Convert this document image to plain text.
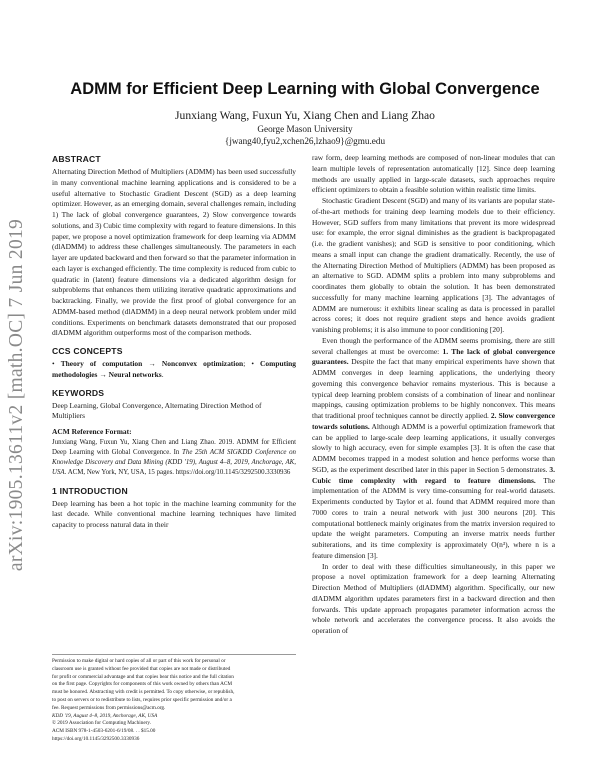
arXiv:1905.13611v2 [math.OC] 7 Jun 2019
ADMM for Efficient Deep Learning with Global Convergence
Junxiang Wang, Fuxun Yu, Xiang Chen and Liang Zhao
George Mason University
{jwang40,fyu2,xchen26,lzhao9}@gmu.edu
ABSTRACT

Alternating Direction Method of Multipliers (ADMM) has been used successfully in many conventional machine learning applications and is considered to be a useful alternative to Stochastic Gradient Descent (SGD) as a deep learning optimizer. However, as an emerging domain, several challenges remain, including 1) The lack of global convergence guarantees, 2) Slow convergence towards solutions, and 3) Cubic time complexity with regard to feature dimensions. In this paper, we propose a novel optimization framework for deep learning via ADMM (dlADMM) to address these challenges simultaneously. The parameters in each layer are updated backward and then forward so that the parameter information in each layer is exchanged efficiently. The time complexity is reduced from cubic to quadratic in (latent) feature dimensions via a dedicated algorithm design for subproblems that enhances them utilizing iterative quadratic approximations and backtracking. Finally, we provide the first proof of global convergence for an ADMM-based method (dlADMM) in a deep neural network problem under mild conditions. Experiments on benchmark datasets demonstrated that our proposed dlADMM algorithm outperforms most of the comparison methods.

CCS CONCEPTS

• Theory of computation → Nonconvex optimization; • Computing methodologies → Neural networks.

KEYWORDS

Deep Learning, Global Convergence, Alternating Direction Method of Multipliers

ACM Reference Format:

Junxiang Wang, Fuxun Yu, Xiang Chen and Liang Zhao. 2019. ADMM for Efficient Deep Learning with Global Convergence. In The 25th ACM SIGKDD Conference on Knowledge Discovery and Data Mining (KDD '19), August 4–8, 2019, Anchorage, AK, USA. ACM, New York, NY, USA, 15 pages. https://doi.org/10.1145/3292500.3330936

1 INTRODUCTION

Deep learning has been a hot topic in the machine learning community for the last decade. While conventional machine learning techniques have limited capacity to process natural data in their

Permission to make digital or hard copies of all or part of this work for personal or
classroom use is granted without fee provided that copies are not made or distributed
for profit or commercial advantage and that copies bear this notice and the full citation
on the first page. Copyrights for components of this work owned by others than ACM
must be honored. Abstracting with credit is permitted. To copy otherwise, or republish,
to post on servers or to redistribute to lists, requires prior specific permission and/or a
fee. Request permissions from permissions@acm.org.
KDD '19, August 4–8, 2019, Anchorage, AK, USA
© 2019 Association for Computing Machinery.
ACM ISBN 978-1-4503-6201-6/19/08. . . $15.00
https://doi.org/10.1145/3292500.3330936

raw form, deep learning methods are composed of non-linear modules that can learn multiple levels of representation automatically [12]. Since deep learning methods are usually applied in large-scale datasets, such approaches require efficient optimizers to obtain a feasible solution within realistic time limits.

Stochastic Gradient Descent (SGD) and many of its variants are popular state-of-the-art methods for training deep learning models due to their efficiency. However, SGD suffers from many limitations that prevent its more widespread use: for example, the error signal diminishes as the gradient is backpropagated (i.e. the gradient vanishes); and SGD is sensitive to poor conditioning, which means a small input can change the gradient dramatically. Recently, the use of the Alternating Direction Method of Multipliers (ADMM) has been proposed as an alternative to SGD. ADMM splits a problem into many subproblems and coordinates them globally to obtain the solution. It has been demonstrated successfully for many machine learning applications [3]. The advantages of ADMM are numerous: it exhibits linear scaling as data is processed in parallel across cores; it does not require gradient steps and hence avoids gradient vanishing problems; it is also immune to poor conditioning [20].

Even though the performance of the ADMM seems promising, there are still several challenges at must be overcome: 1. The lack of global convergence guarantees. Despite the fact that many empirical experiments have shown that ADMM converges in deep learning applications, the underlying theory governing this convergence behavior remains mysterious. This is because a typical deep learning problem consists of a combination of linear and nonlinear mappings, causing optimization problems to be highly nonconvex. This means that traditional proof techniques cannot be directly applied. 2. Slow convergence towards solutions. Although ADMM is a powerful optimization framework that can be applied to large-scale deep learning applications, it usually converges slowly to high accuracy, even for simple examples [3]. It is often the case that ADMM becomes trapped in a modest solution and hence performs worse than SGD, as the experiment described later in this paper in Section 5 demonstrates. 3. Cubic time complexity with regard to feature dimensions. The implementation of the ADMM is very time-consuming for real-world datasets. Experiments conducted by Taylor et al. found that ADMM required more than 7000 cores to train a neural network with just 300 neurons [20]. This computational bottleneck mainly originates from the matrix inversion required to update the weight parameters. Computing an inverse matrix needs further subiterations, and its time complexity is approximately O(n³), where n is a feature dimension [3].

In order to deal with these difficulties simultaneously, in this paper we propose a novel optimization framework for a deep learning Alternating Direction Method of Multipliers (dlADMM) algorithm. Specifically, our new dlADMM algorithm updates parameters first in a backward direction and then forwards. This update approach propagates parameter information across the whole network and accelerates the convergence process. It also avoids the operation of
